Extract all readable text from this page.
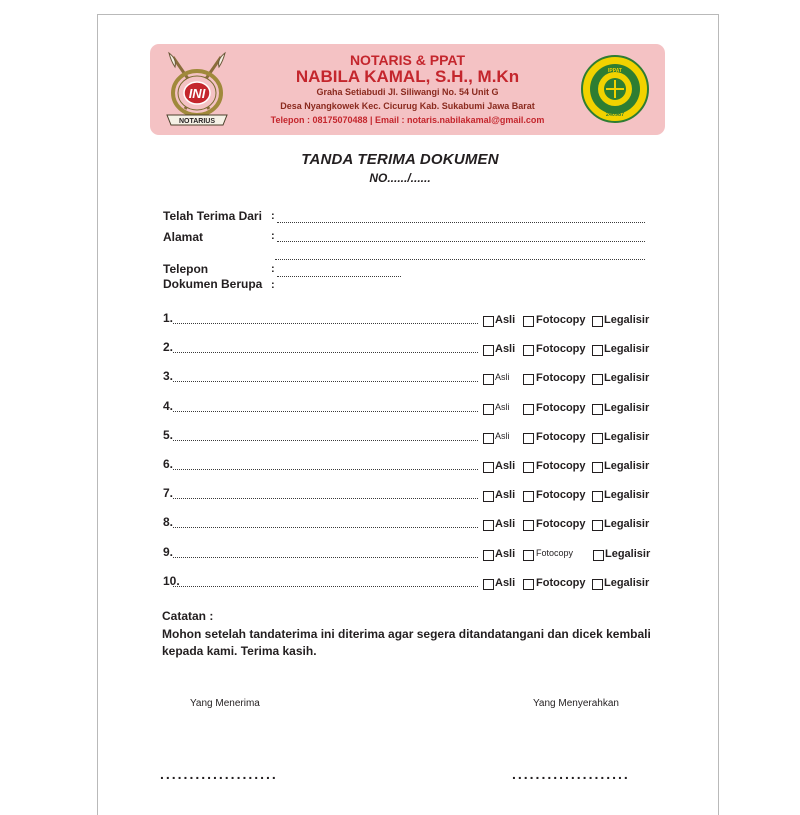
INI
NOTARIUS
NOTARIS & PPAT
NABILA KAMAL, S.H., M.Kn
Graha Setiabudi Jl. Siliwangi No. 54 Unit G
Desa Nyangkowek Kec. Cicurug Kab. Sukabumi Jawa Barat
Telepon : 08175070488 | Email : notaris.nabilakamal@gmail.com
IPPAT
240987
TANDA TERIMA DOKUMEN
NO....../......
Telah Terima Dari :
Alamat	:
Telepon	:
Dokumen Berupa :
1.	Asli Fotocopy Legalisir
2.	Asli Fotocopy Legalisir
3.	Asli Fotocopy Legalisir
4.	Asli Fotocopy Legalisir
5.	Asli Fotocopy Legalisir
6.	Asli Fotocopy Legalisir
7.	Asli Fotocopy Legalisir
8.	Asli Fotocopy Legalisir
9.	Asli Fotocopy	Legalisir
10.	Asli Fotocopy Legalisir
Catatan :
Mohon setelah tandaterima ini diterima agar segera ditandatangani dan dicek kembali kepada kami. Terima kasih.
Yang Menerima	Yang Menyerahkan
....................	....................
